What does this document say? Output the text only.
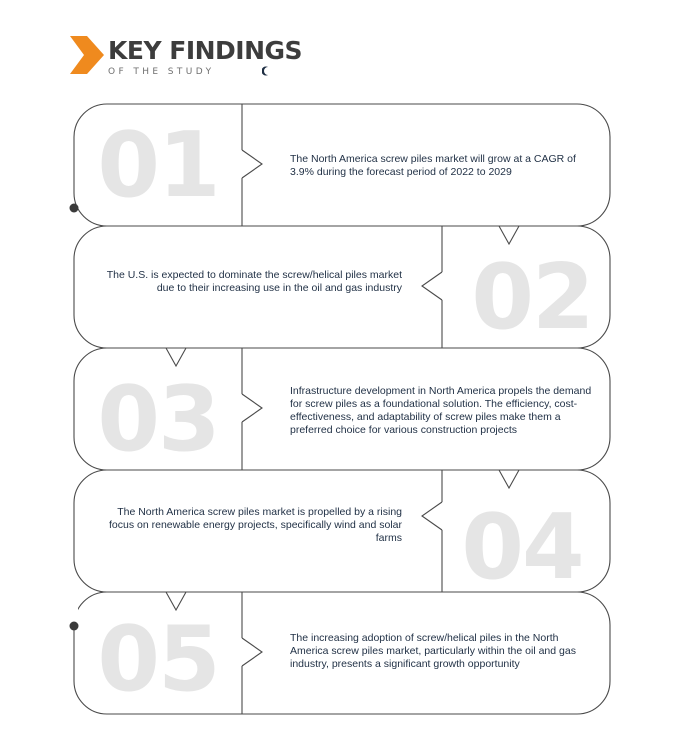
KEY FINDINGS

OF THE STUDY

01
02
03
04
05

The North America screw piles market will grow at a CAGR of 3.9% during the forecast period of 2022 to 2029

The U.S. is expected to dominate the screw/helical piles market due to their increasing use in the oil and gas industry

Infrastructure development in North America propels the demand for screw piles as a foundational solution. The efficiency, cost-effectiveness, and adaptability of screw piles make them a preferred choice for various construction projects

The North America screw piles market is propelled by a rising focus on renewable energy projects, specifically wind and solar farms

The increasing adoption of screw/helical piles in the North America screw piles market, particularly within the oil and gas industry, presents a significant growth opportunity
